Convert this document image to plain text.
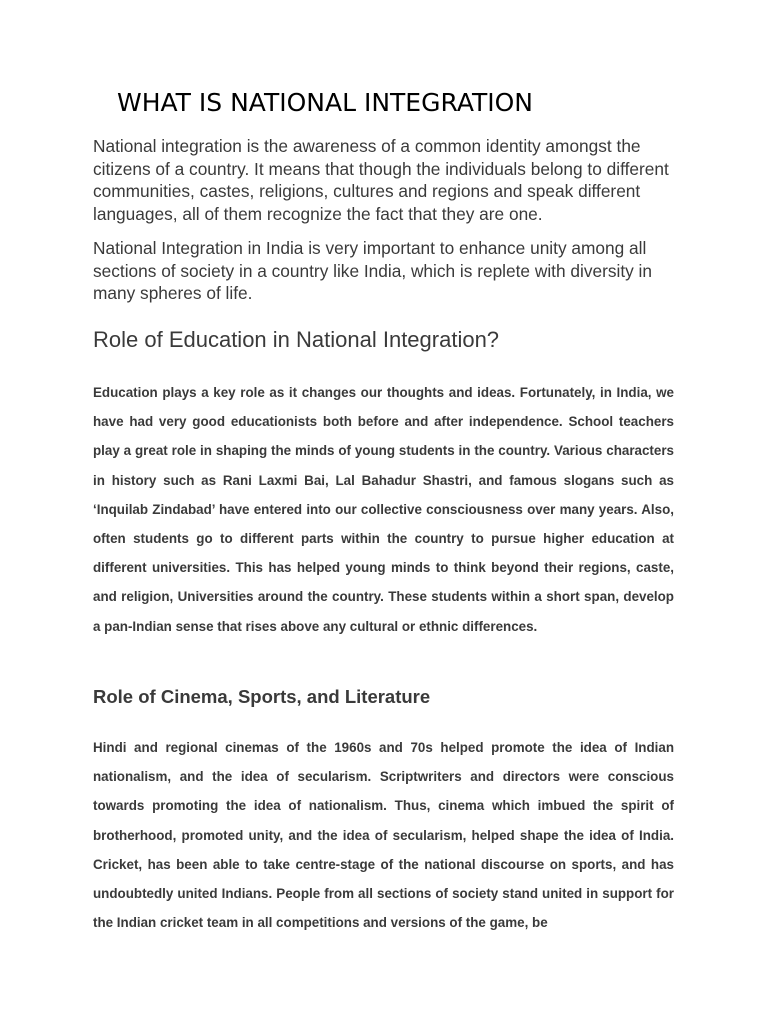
WHAT IS NATIONAL INTEGRATION

National integration is the awareness of a common identity amongst the citizens of a country. It means that though the individuals belong to different communities, castes, religions, cultures and regions and speak different languages, all of them recognize the fact that they are one.

National Integration in India is very important to enhance unity among all sections of society in a country like India, which is replete with diversity in many spheres of life.

Role of Education in National Integration?

Education plays a key role as it changes our thoughts and ideas. Fortunately, in India, we have had very good educationists both before and after independence. School teachers play a great role in shaping the minds of young students in the country. Various characters in history such as Rani Laxmi Bai, Lal Bahadur Shastri, and famous slogans such as ‘Inquilab Zindabad’ have entered into our collective consciousness over many years. Also, often students go to different parts within the country to pursue higher education at different universities. This has helped young minds to think beyond their regions, caste, and religion, Universities around the country. These students within a short span, develop a pan-Indian sense that rises above any cultural or ethnic differences.

Role of Cinema, Sports, and Literature

Hindi and regional cinemas of the 1960s and 70s helped promote the idea of Indian nationalism, and the idea of secularism. Scriptwriters and directors were conscious towards promoting the idea of nationalism. Thus, cinema which imbued the spirit of brotherhood, promoted unity, and the idea of secularism, helped shape the idea of India. Cricket, has been able to take centre-stage of the national discourse on sports, and has undoubtedly united Indians. People from all sections of society stand united in support for the Indian cricket team in all competitions and versions of the game, be
